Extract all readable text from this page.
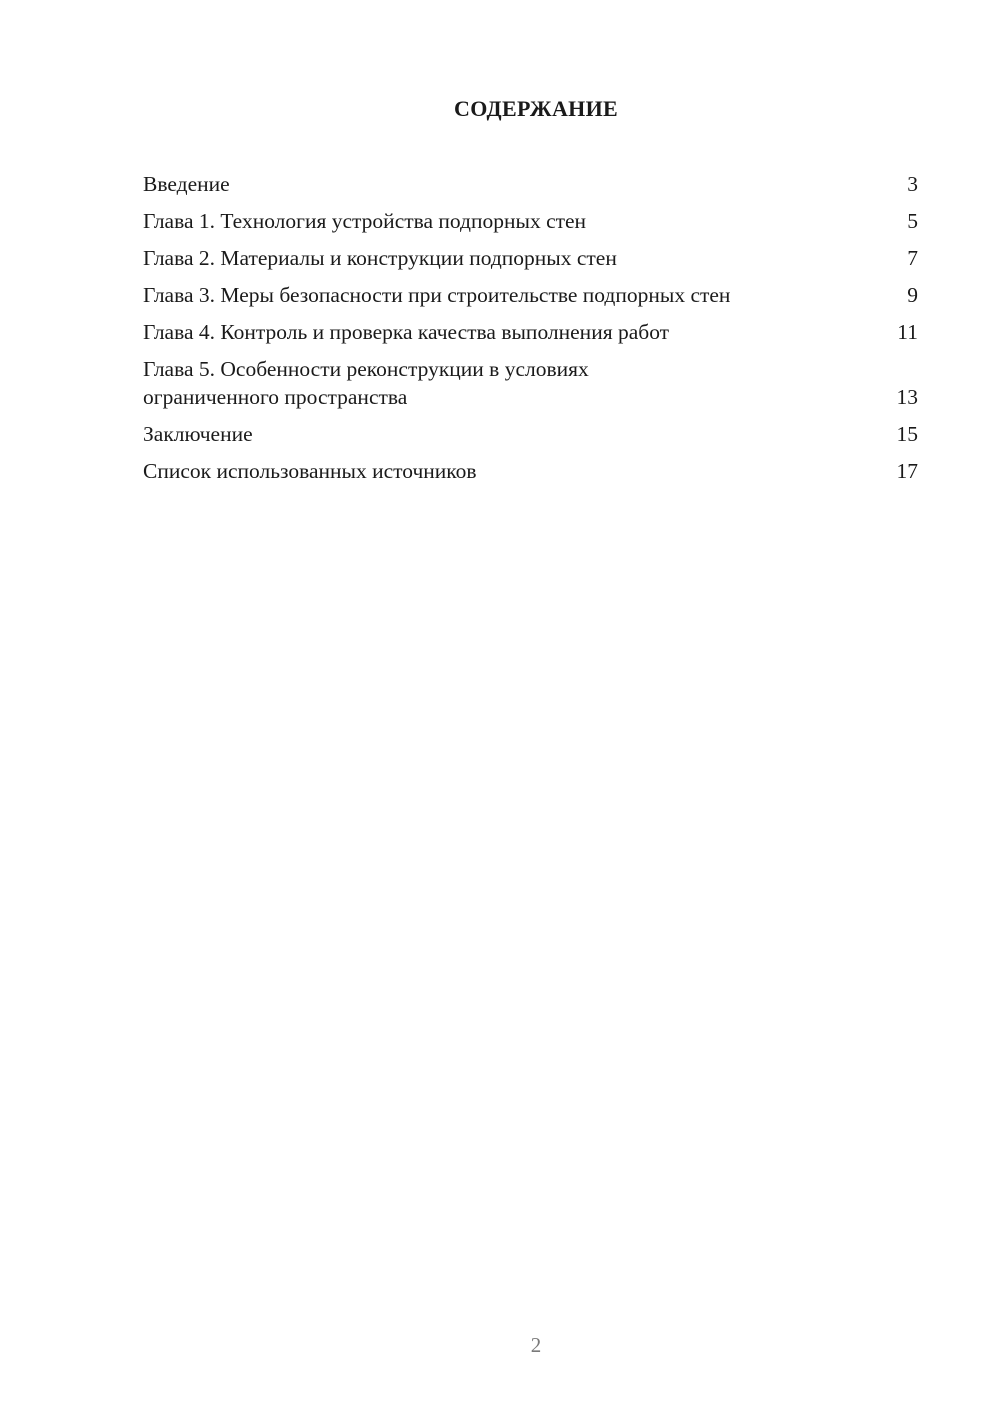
СОДЕРЖАНИЕ
Введение	3
Глава 1. Технология устройства подпорных стен	5
Глава 2. Материалы и конструкции подпорных стен	7
Глава 3. Меры безопасности при строительстве подпорных стен	9
Глава 4. Контроль и проверка качества выполнения работ	11
Глава 5. Особенности реконструкции в условиях ограниченного пространства	13
Заключение	15
Список использованных источников	17
2
